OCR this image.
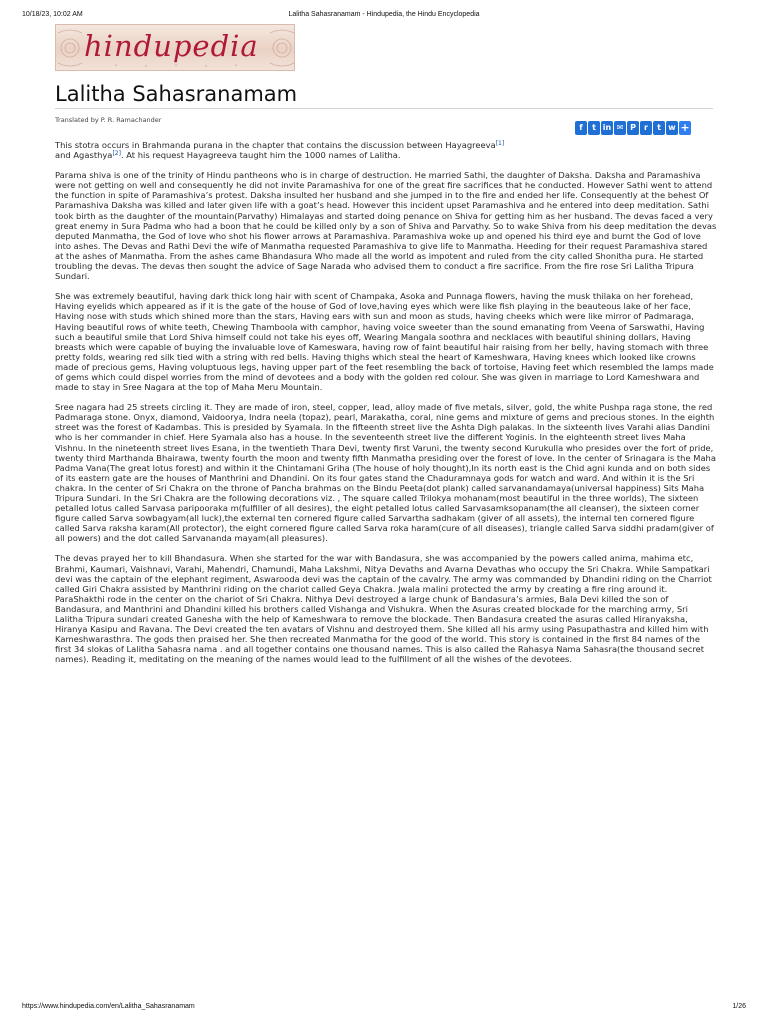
10/18/23, 10:02 AM	Lalitha Sahasranamam - Hindupedia, the Hindu Encyclopedia
hindupedia
Lalitha Sahasranamam
Translated by P. R. Ramachander
f	t in ✉ P	r	t w +

This stotra occurs in Brahmanda purana in the chapter that contains the discussion between Hayagreeva[1]
and Agasthya[2]. At his request Hayagreeva taught him the 1000 names of Lalitha.

Parama shiva is one of the trinity of Hindu pantheons who is in charge of destruction. He married Sathi, the daughter of Daksha. Daksha and Paramashiva were not getting on well and consequently he did not invite Paramashiva for one of the great fire sacrifices that he conducted. However Sathi went to attend the function in spite of Paramashiva’s protest. Daksha insulted her husband and she jumped in to the fire and ended her life. Consequently at the behest Of Paramashiva Daksha was killed and later given life with a goat’s head. However this incident upset Paramashiva and he entered into deep meditation. Sathi took birth as the daughter of the mountain(Parvathy) Himalayas and started doing penance on Shiva for getting him as her husband. The devas faced a very great enemy in Sura Padma who had a boon that he could be killed only by a son of Shiva and Parvathy. So to wake Shiva from his deep meditation the devas deputed Manmatha, the God of love who shot his flower arrows at Paramashiva. Paramashiva woke up and opened his third eye and burnt the God of love into ashes. The Devas and Rathi Devi the wife of Manmatha requested Paramashiva to give life to Manmatha. Heeding for their request Paramashiva stared at the ashes of Manmatha. From the ashes came Bhandasura Who made all the world as impotent and ruled from the city called Shonitha pura. He started troubling the devas. The devas then sought the advice of Sage Narada who advised them to conduct a fire sacrifice. From the fire rose Sri Lalitha Tripura Sundari.

She was extremely beautiful, having dark thick long hair with scent of Champaka, Asoka and Punnaga flowers, having the musk thilaka on her forehead, Having eyelids which appeared as if it is the gate of the house of God of love,having eyes which were like fish playing in the beauteous lake of her face, Having nose with studs which shined more than the stars, Having ears with sun and moon as studs, having cheeks which were like mirror of Padmaraga, Having beautiful rows of white teeth, Chewing Thamboola with camphor, having voice sweeter than the sound emanating from Veena of Sarswathi, Having such a beautiful smile that Lord Shiva himself could not take his eyes off, Wearing Mangala soothra and necklaces with beautiful shining dollars, Having breasts which were capable of buying the invaluable love of Kameswara, having row of faint beautiful hair raising from her belly, having stomach with three pretty folds, wearing red silk tied with a string with red bells. Having thighs which steal the heart of Kameshwara, Having knees which looked like crowns made of precious gems, Having voluptuous legs, having upper part of the feet resembling the back of tortoise, Having feet which resembled the lamps made of gems which could dispel worries from the mind of devotees and a body with the golden red colour. She was given in marriage to Lord Kameshwara and made to stay in Sree Nagara at the top of Maha Meru Mountain.

Sree nagara had 25 streets circling it. They are made of iron, steel, copper, lead, alloy made of five metals, silver, gold, the white Pushpa raga stone, the red Padmaraga stone. Onyx, diamond, Vaidoorya, Indra neela (topaz), pearl, Marakatha, coral, nine gems and mixture of gems and precious stones. In the eighth street was the forest of Kadambas. This is presided by Syamala. In the fifteenth street live the Ashta Digh palakas. In the sixteenth lives Varahi alias Dandini who is her commander in chief. Here Syamala also has a house. In the seventeenth street live the different Yoginis. In the eighteenth street lives Maha Vishnu. In the nineteenth street lives Esana, in the twentieth Thara Devi, twenty first Varuni, the twenty second Kurukulla who presides over the fort of pride, twenty third Marthanda Bhairawa, twenty fourth the moon and twenty fifth Manmatha presiding over the forest of love. In the center of Srinagara is the Maha Padma Vana(The great lotus forest) and within it the Chintamani Griha (The house of holy thought),In its north east is the Chid agni kunda and on both sides of its eastern gate are the houses of Manthrini and Dhandini. On its four gates stand the Chaduramnaya gods for watch and ward. And within it is the Sri chakra. In the center of Sri Chakra on the throne of Pancha brahmas on the Bindu Peeta(dot plank) called sarvanandamaya(universal happiness) Sits Maha Tripura Sundari. In the Sri Chakra are the following decorations viz. , The square called Trilokya mohanam(most beautiful in the three worlds), The sixteen petalled lotus called Sarvasa paripooraka m(fulfiller of all desires), the eight petalled lotus called Sarvasamksopanam(the all cleanser), the sixteen corner figure called Sarva sowbagyam(all luck),the external ten cornered figure called Sarvartha sadhakam (giver of all assets), the internal ten cornered figure called Sarva raksha karam(All protector), the eight cornered figure called Sarva roka haram(cure of all diseases), triangle called Sarva siddhi pradam(giver of all powers) and the dot called Sarvananda mayam(all pleasures).

The devas prayed her to kill Bhandasura. When she started for the war with Bandasura, she was accompanied by the powers called anima, mahima etc, Brahmi, Kaumari, Vaishnavi, Varahi, Mahendri, Chamundi, Maha Lakshmi, Nitya Devaths and Avarna Devathas who occupy the Sri Chakra. While Sampatkari devi was the captain of the elephant regiment, Aswarooda devi was the captain of the cavalry. The army was commanded by Dhandini riding on the Charriot called Giri Chakra assisted by Manthrini riding on the chariot called Geya Chakra. Jwala malini protected the army by creating a fire ring around it. ParaShakthi rode in the center on the chariot of Sri Chakra. Nithya Devi destroyed a large chunk of Bandasura’s armies, Bala Devi killed the son of Bandasura, and Manthrini and Dhandini killed his brothers called Vishanga and Vishukra. When the Asuras created blockade for the marching army, Sri Lalitha Tripura sundari created Ganesha with the help of Kameshwara to remove the blockade. Then Bandasura created the asuras called Hiranyaksha, Hiranya Kasipu and Ravana. The Devi created the ten avatars of Vishnu and destroyed them. She killed all his army using Pasupathastra and killed him with Kameshwarasthra. The gods then praised her. She then recreated Manmatha for the good of the world. This story is contained in the first 84 names of the first 34 slokas of Lalitha Sahasra nama . and all together contains one thousand names. This is also called the Rahasya Nama Sahasra(the thousand secret names). Reading it, meditating on the meaning of the names would lead to the fulfillment of all the wishes of the devotees.

https://www.hindupedia.com/en/Lalitha_Sahasranamam	1/26
